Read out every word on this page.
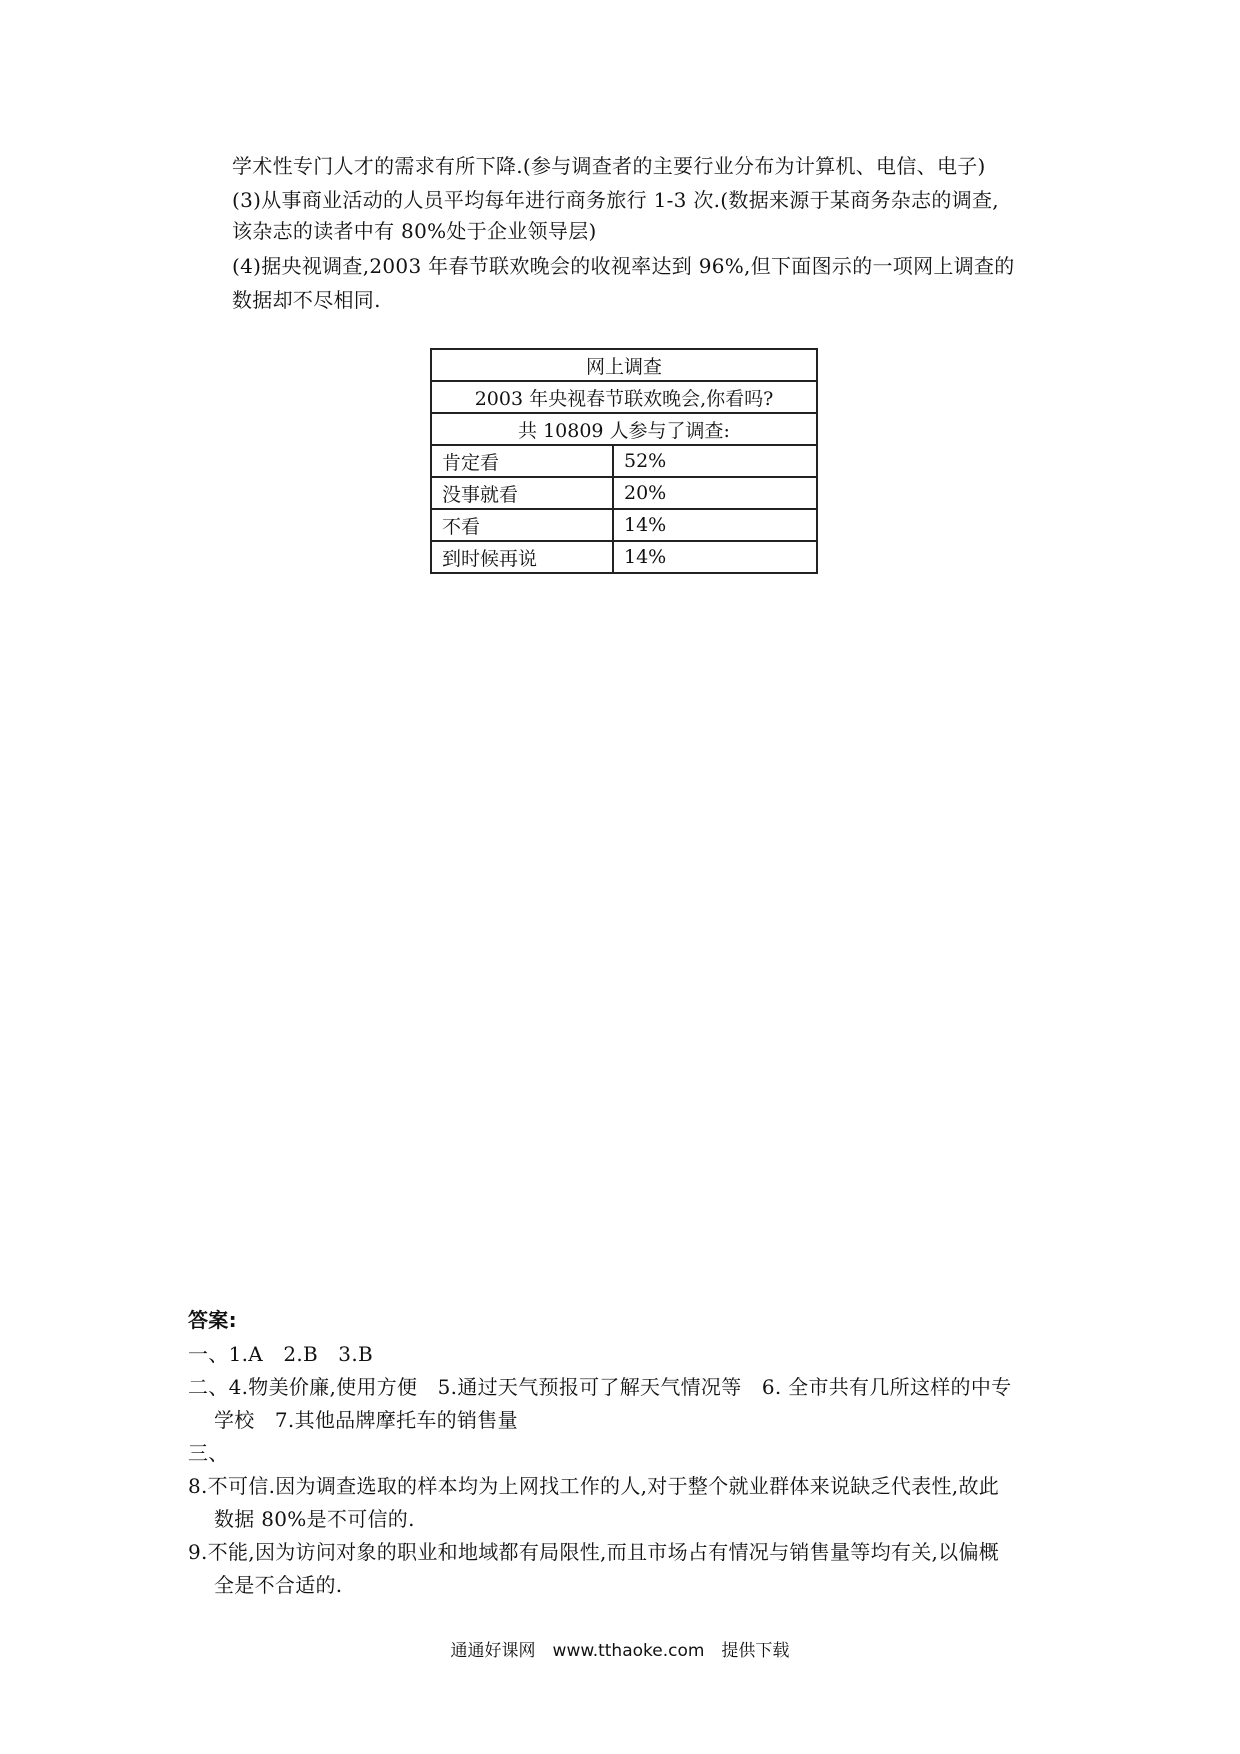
学术性专门人才的需求有所下降.(参与调查者的主要行业分布为计算机、电信、电子)
(3)从事商业活动的人员平均每年进行商务旅行 1-3 次.(数据来源于某商务杂志的调查,
该杂志的读者中有 80%处于企业领导层)
(4)据央视调查,2003 年春节联欢晚会的收视率达到 96%,但下面图示的一项网上调查的
数据却不尽相同.
网上调查	
2003 年央视春节联欢晚会,你看吗?	
共 10809 人参与了调查:	
肯定看	52%
没事就看	20%
不看	14%
到时候再说	14%
答案:
一、1.A　2.B　3.B
二、4.物美价廉,使用方便　5.通过天气预报可了解天气情况等　6. 全市共有几所这样的中专
学校　7.其他品牌摩托车的销售量
三、
8.不可信.因为调查选取的样本均为上网找工作的人,对于整个就业群体来说缺乏代表性,故此
数据 80%是不可信的.
9.不能,因为访问对象的职业和地域都有局限性,而且市场占有情况与销售量等均有关,以偏概
全是不合适的.
通通好课网　www.tthaoke.com　提供下载
